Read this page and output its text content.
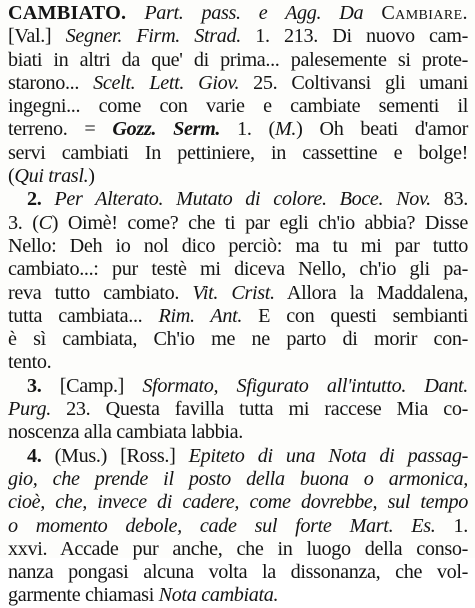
CAMBIATO. Part. pass. e Agg. Da Cambiare.
[Val.] Segner. Firm. Strad. 1. 213. Di nuovo cam-
biati in altri da que' di prima... palesemente si prote-
starono... Scelt. Lett. Giov. 25. Coltivansi gli umani
ingegni... come con varie e cambiate sementi il
terreno. = Gozz. Serm. 1. (M.) Oh beati d'amor
servi cambiati In pettiniere, in cassettine e bolge!
(Qui trasl.)
2. Per Alterato. Mutato di colore. Boce. Nov. 83.
3. (C) Oimè! come? che ti par egli ch'io abbia? Disse
Nello: Deh io nol dico perciò: ma tu mi par tutto
cambiato...: pur testè mi diceva Nello, ch'io gli pa-
reva tutto cambiato. Vit. Crist. Allora la Maddalena,
tutta cambiata... Rim. Ant. E con questi sembianti
è sì cambiata, Ch'io me ne parto di morir con-
tento.
3. [Camp.] Sformato, Sfigurato all'intutto. Dant.
Purg. 23. Questa favilla tutta mi raccese Mia co-
noscenza alla cambiata labbia.
4. (Mus.) [Ross.] Epiteto di una Nota di passag-
gio, che prende il posto della buona o armonica,
cioè, che, invece di cadere, come dovrebbe, sul tempo
o momento debole, cade sul forte Mart. Es. 1.
xxvi. Accade pur anche, che in luogo della conso-
nanza pongasi alcuna volta la dissonanza, che vol-
garmente chiamasi Nota cambiata.
